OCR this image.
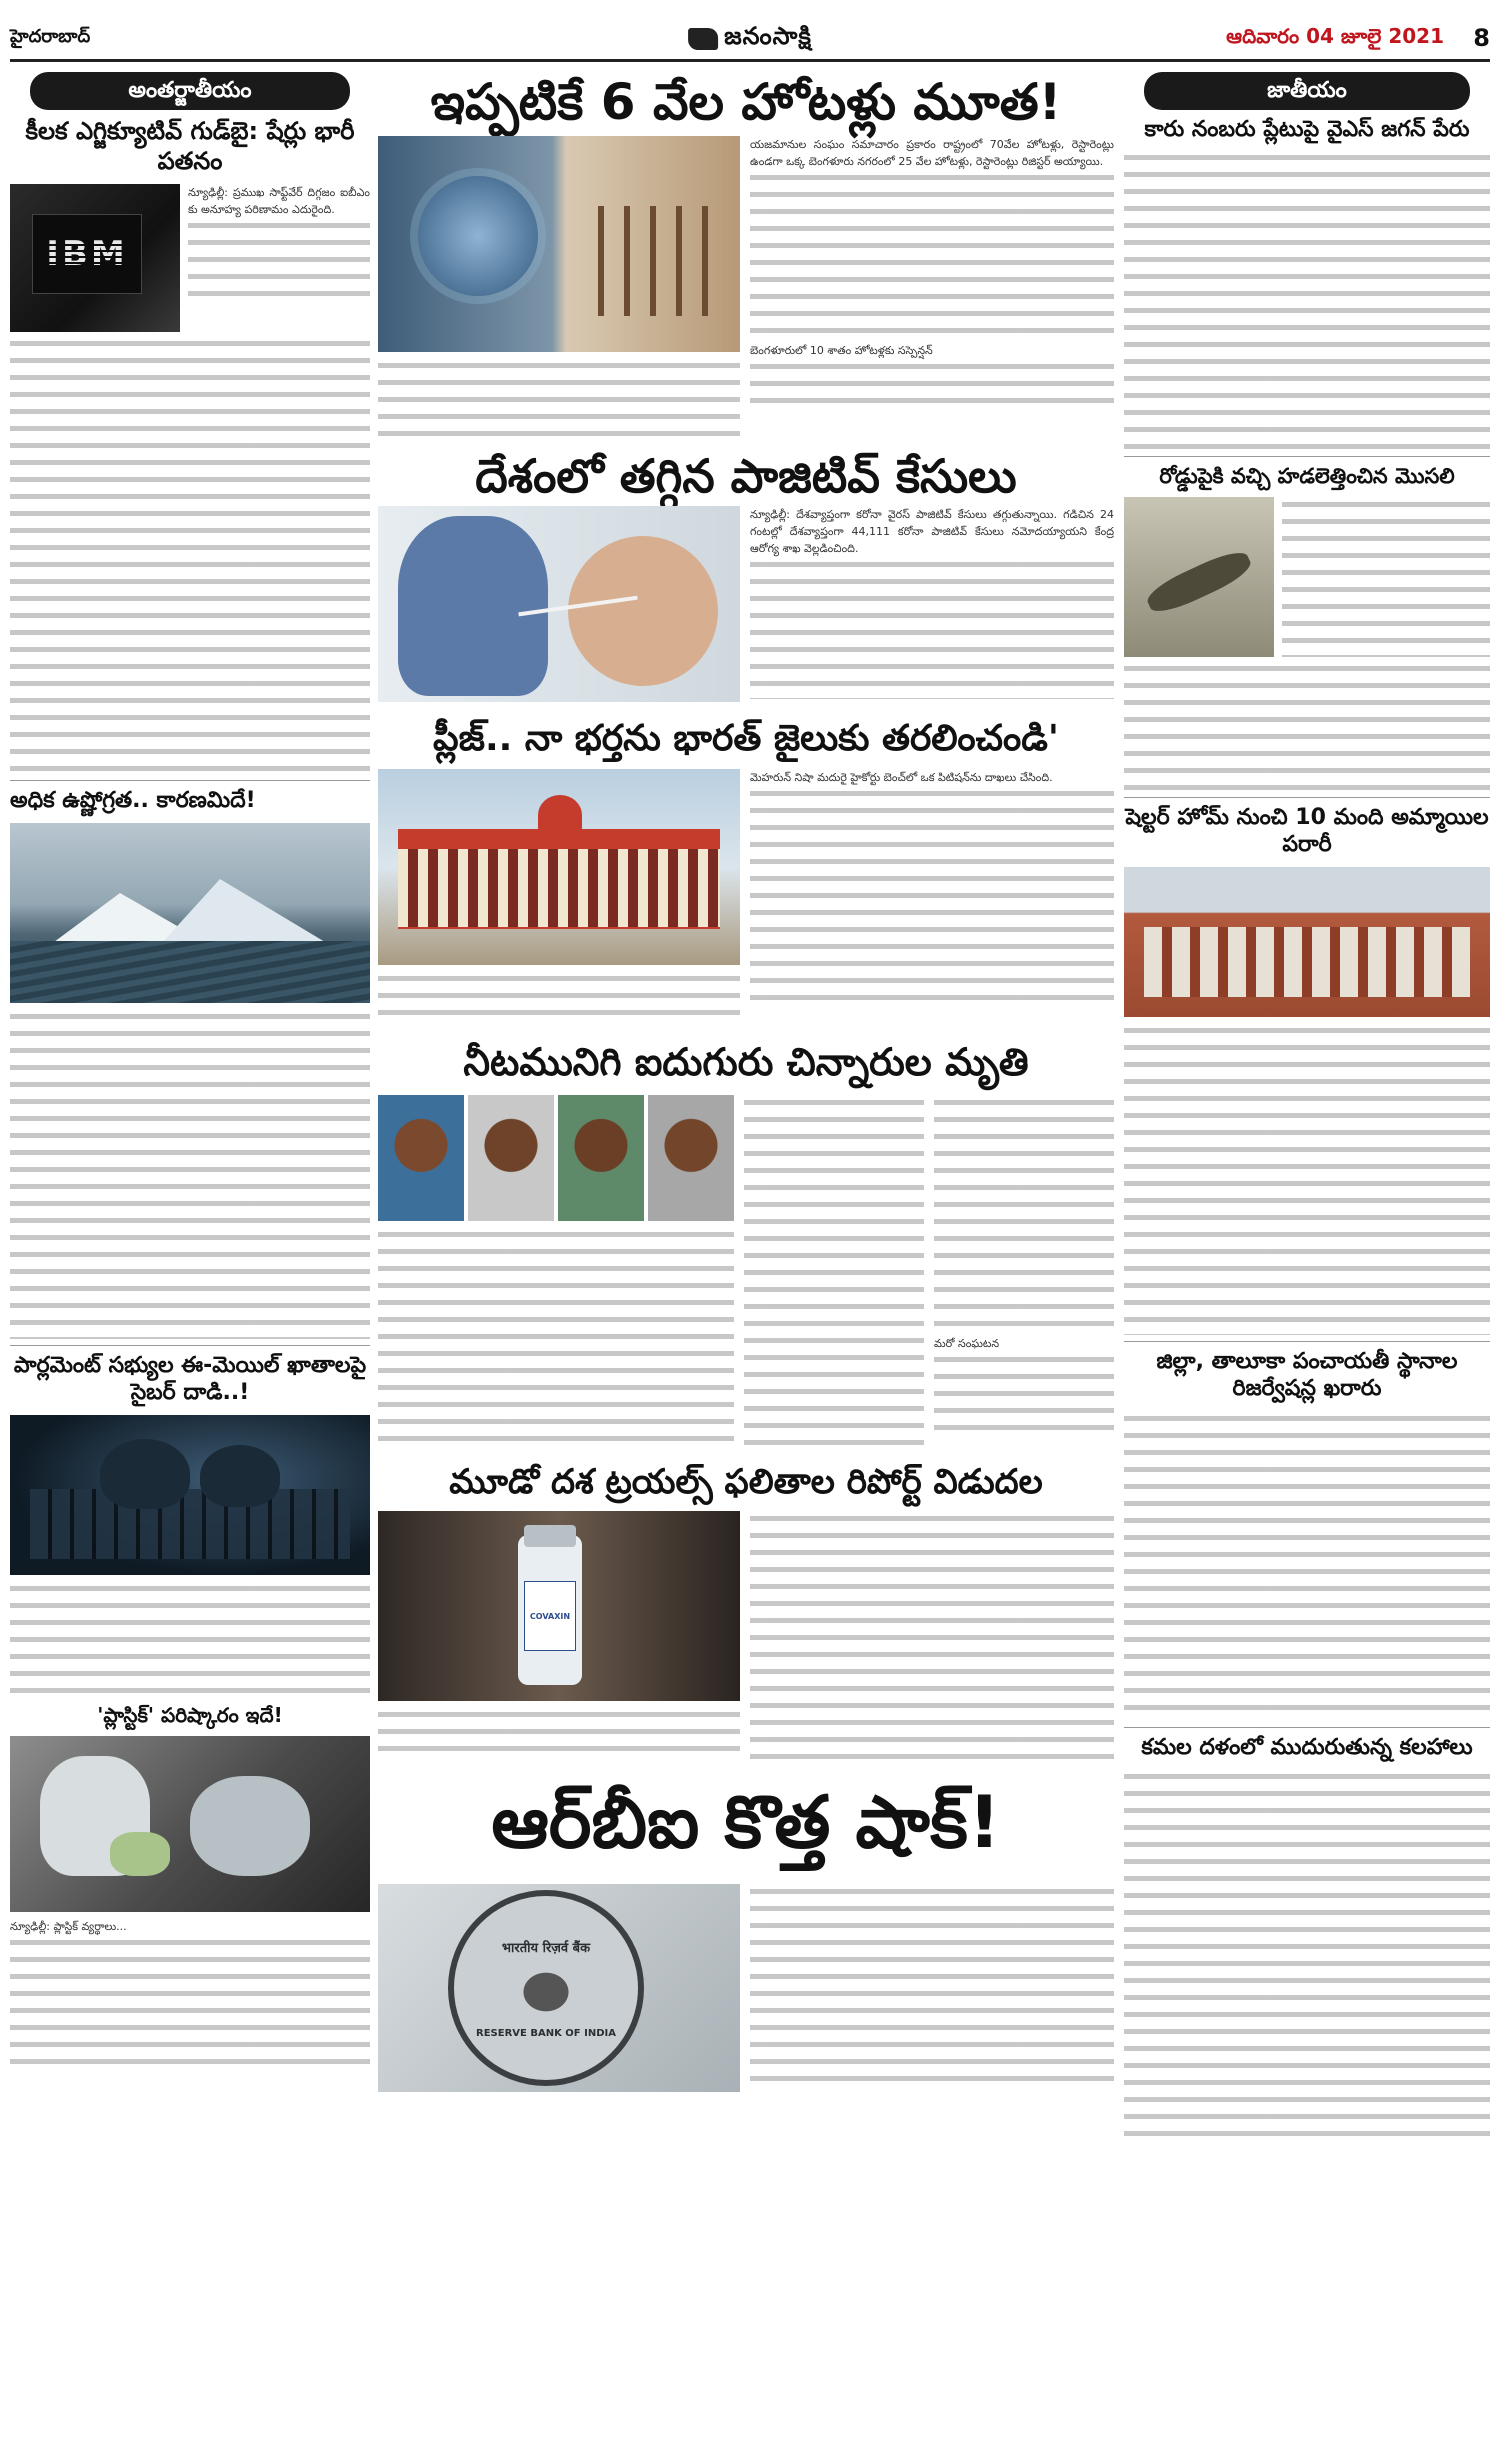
హైదరాబాద్	జనంసాక్షి	ఆదివారం 04 జూలై 2021 8
అంతర్జాతీయం
కీలక ఎగ్జిక్యూటివ్ గుడ్‌బై: షేర్లు భారీ పతనం
IBM

న్యూఢిల్లీ: ప్రముఖ సాఫ్ట్‌వేర్ దిగ్గజం ఐబీఎం కు అనూహ్య పరిణామం ఎదురైంది.

అధిక ఉష్ణోగ్రత.. కారణమిదే!
పార్లమెంట్ సభ్యుల ఈ-మెయిల్ ఖాతాలపై సైబర్ దాడి..!
'ప్లాస్టిక్' పరిష్కారం ఇదే!

న్యూఢిల్లీ: ప్లాస్టిక్ వ్యర్థాలు...

ఇప్పటికే 6 వేల హోటళ్లు మూత!

యజమానుల సంఘం సమాచారం ప్రకారం రాష్ట్రంలో 70వేల హోటళ్లు, రెస్టారెంట్లు ఉండగా ఒక్క బెంగళూరు నగరంలో 25 వేల హోటళ్లు, రెస్టారెంట్లు రిజిస్టర్ అయ్యాయి.

బెంగళూరులో 10 శాతం హోటళ్లకు సస్పెన్షన్

దేశంలో తగ్గిన పాజిటివ్ కేసులు

న్యూఢిల్లీ: దేశవ్యాప్తంగా కరోనా వైరస్ పాజిటివ్ కేసులు తగ్గుతున్నాయి. గడిచిన 24 గంటల్లో దేశవ్యాప్తంగా 44,111 కరోనా పాజిటివ్ కేసులు నమోదయ్యాయని కేంద్ర ఆరోగ్య శాఖ వెల్లడించింది.

ప్లీజ్.. నా భర్తను భారత్ జైలుకు తరలించండి'

మెహరున్ నిషా మదురై హైకోర్టు బెంచ్‌లో ఒక పిటిషన్‌ను దాఖలు చేసింది.

నీటమునిగి ఐదుగురు చిన్నారుల మృతి

మరో సంఘటన

మూడో దశ ట్రయల్స్ ఫలితాల రిపోర్ట్ విడుదల
COVAXIN
ఆర్‌బీఐ కొత్త షాక్!
भारतीय रिज़र्व बैंक
RESERVE BANK OF INDIA
జాతీయం
కారు నంబరు ప్లేటుపై వైఎస్ జగన్ పేరు
రోడ్డుపైకి వచ్చి హడలెత్తించిన మొసలి
షెల్టర్ హోమ్ నుంచి 10 మంది అమ్మాయిల పరారీ
జిల్లా, తాలూకా పంచాయతీ స్థానాల రిజర్వేషన్ల ఖరారు
కమల దళంలో ముదురుతున్న కలహాలు
